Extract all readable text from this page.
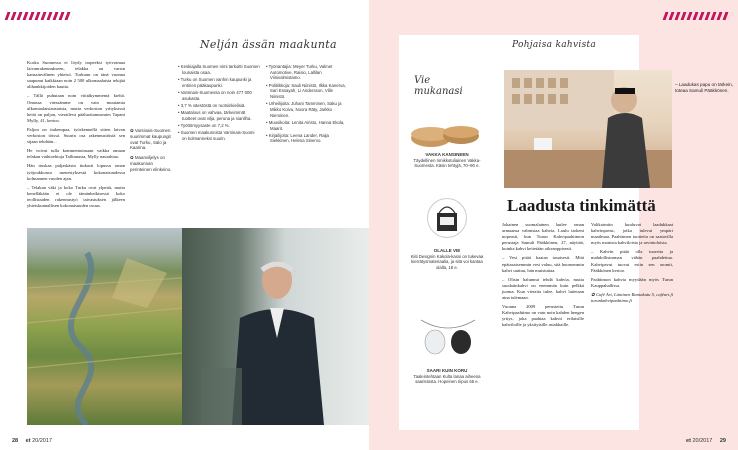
Koska Suomessa ei löydy tarpeeksi työvoimaa laivanrakennukseen, telakka on varsin kansainvälinen yhteisö. Turkuun on tänä vuonna saapunut kaikkiaan noin 2 500 ulkomaalaista tekijää alihankkijoiden kautta.

– Tällä puhutaan noin viittäkymmentä kieltä. Omassa väessämme on vain muutamia ulkomaalaistaustaisia, mutta verkoston yrityksissä heitä on paljon, vieraileva pääluottamusmies Tapani Mylly, 41, kertoo.

Paljon on tiukempaa, työskennellä sitten laivan verkoston töissä. Suurin osa rakennustöistä sen sijaan tehdään...

He voivat tulla kommentoimaan vaikka omaan telakan vaihtoehtoja Tallinnasta, Mylly naurahtaa.

Hän tiuskaa paljaskäsin tiukasti lopussa oman työjoukkonsa menestyksestä kokonaisuudessa kolmannen vuoden ajan.

– Telakan väki ja koko Turku ovat ylpeitä, mutta kenelläkään ei ole tämänhetkisessä koko teollisuuden rakennustyö taivastuksen jälkeen yhteiskunnallisen kokonaisuuden osuus.

Nelján ässän maakunta

✿ Varsinais-Suomen suurimmat kaupungit ovat Turku, Salo ja Kaarina.

✿ Maanviljelys on maakunnan perinteinen elinkeino.

• Keskiajalla Suomen nimi tarkoitti Suomen lounaista osaa.
• Turku on Suomen vanhin kaupunki ja entinen pääkaupunki.
• Varsinais-Suomessa on noin 477 000 asukasta.
• 3,7 % väestöstä on ruotsinkielisiä.
• Maatalous on vahvaa, tärkeimmät tuotteet ovat vilja, peruna ja sianliha.
• Työttömyysaste on 7,2 %.
• Suomen maakunnista Varsinais-Suomi on kolmanneksi suurin.
• Työnantajia: Meyer Turku, Valmet Automotive, Raisio, Lallilan Viinivalmistamo.
• Politiikkoja: Sauli Niinistö, Ilkka Kanerva, Sari Essayah, Li Andersson, Ville Niinistö.
• Urheilijoita: Juhani Tamminen, Saku ja Mikko Koivu, Noora Räty, Jarkko Nieminen.
• Muusikoita: Lenita Airisto, Hanna Ekola, Maarit.
• Kirjailijoita: Leena Lander, Raija Siekkinen, Helena Sinervo.
28 et 20/2017
Pohjaisa kahvista
Vie mukanasi
VAKKA KANSINEEN
Täydellinen rimikkotuliainen Vakka-Suomesta. Käsin tehtyjä, 70–90 e.
OLALLE VIE
Kiiti Designin Kakola-kassi on tukevaa kierrätysmateriaalia, ja sitä voi kantaa olalla, 18 e.
SAARI KUIN KORU
Taaleintehtaan Kulta lanaa aiheena saaristosta. Hopeinen riipus 65 e.
– Laadukas papu on tärkein, toteaa Samuli Pääkkönen.
Laadusta tinkimättä

Jokainen suomalainen laulee oman armaansa valmistaa kahvia. Laulu tarkeni nopeasti, kun Turun Kahvipaahtimon perustaja Samuli Pääkkönen, 27, näyttää, kuinka kahvi keitetään oikeaoppisesti.

– Vesi pitää kaataa tasaisesti. Mitä epätasaisemmin vesi valuu, sitä huonommin kahvi uuttuu, hän muistuttaa.

– Olisin halunnut tehdä kahvia, mutta suodatinkahvi on enemmän kuin pelkkä juoma. Kun vieraita tulee, kahvi laitetaan aina tulemaan.

Vuonna 2009 perustettu Turun Kahvipaahtimo on vain noin kahden hengen yritys, joka paahtaa kahvit erilaisille kahviloille ja yksityisille asiakkaille.

Valikoimiin kuuluvat laadukkaat kahvinpavut, jotka tulevat ympäri maailmaa. Paahtimon tuotteita on saatavilla myös monista kahviloista ja ravintoloista.

– Kahvin pitää olla tuoretta ja mahdollisimman vähän paahdettua. Kahvipavut tuovat esiin sen aromit, Pääkkönen kertoo.

Paahtimon kahvia myydään myös Turun Kauppahallissa.

✿ Café Art, Läntinen Rantakatu 5, caféart.fi turunkahvipaahtimo.fi

et 20/2017 29
